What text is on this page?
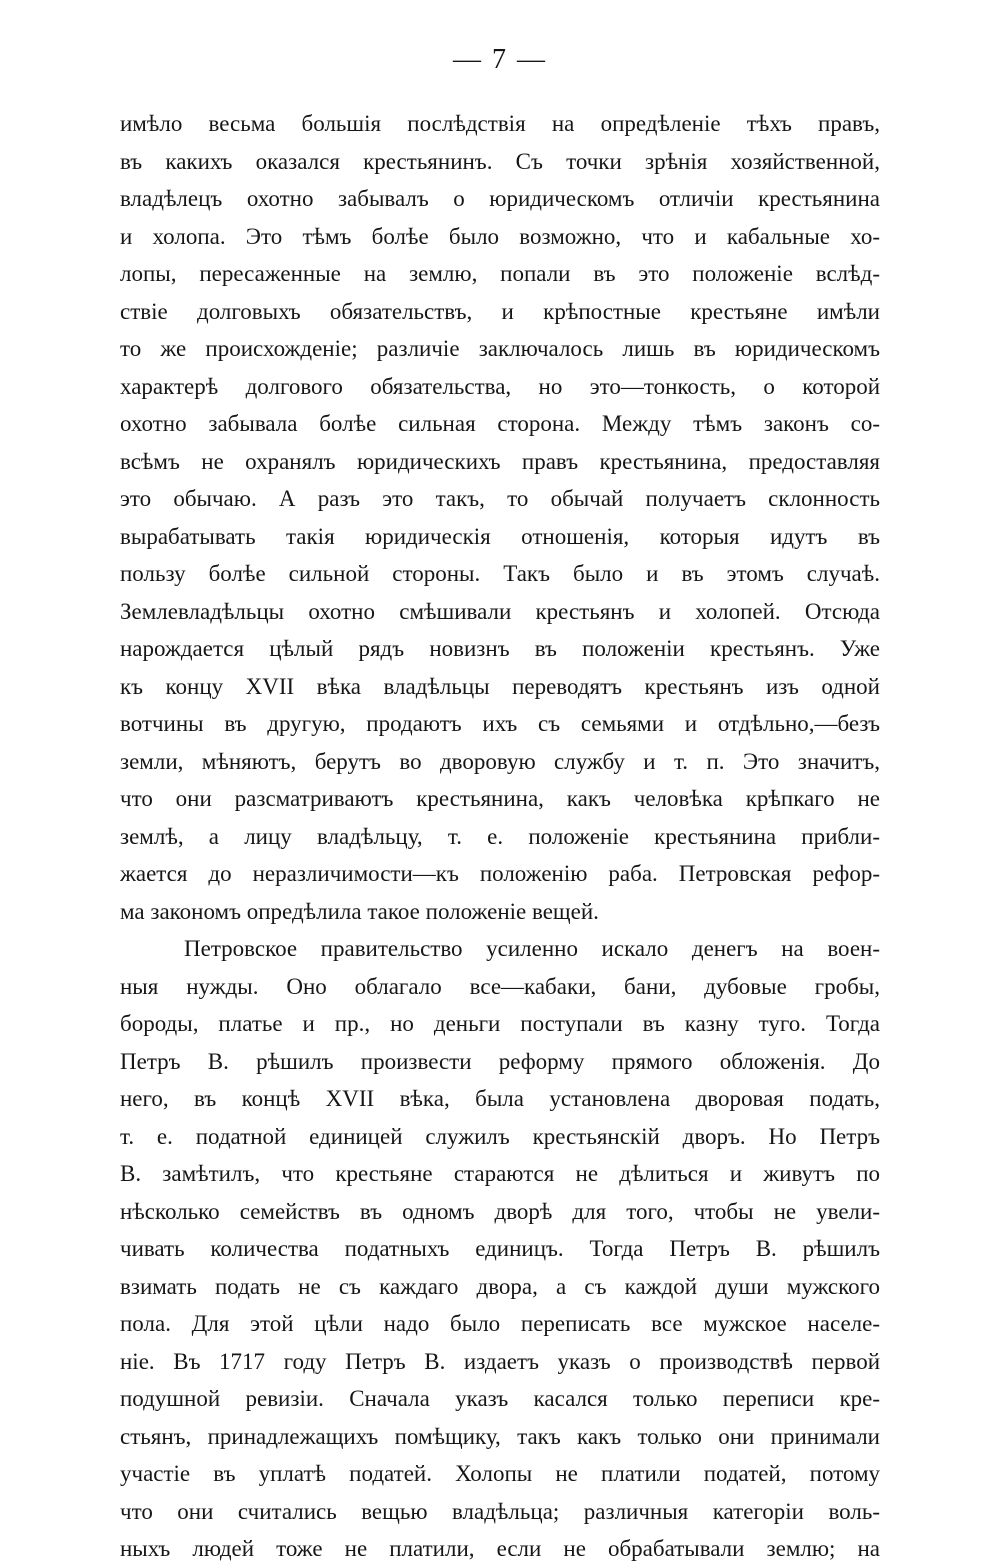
— 7 —
имѣло весьма большія послѣдствія на опредѣленіе тѣхъ правъ,
въ какихъ оказался крестьянинъ. Съ точки зрѣнія хозяйственной,
владѣлецъ охотно забывалъ о юридическомъ отличіи крестьянина
и холопа. Это тѣмъ болѣе было возможно, что и кабальные хо-
лопы, пересаженные на землю, попали въ это положеніе вслѣд-
ствіе долговыхъ обязательствъ, и крѣпостные крестьяне имѣли
то же происхожденіе; различіе заключалось лишь въ юридическомъ
характерѣ долгового обязательства, но это—тонкость, о которой
охотно забывала болѣе сильная сторона. Между тѣмъ законъ со-
всѣмъ не охранялъ юридическихъ правъ крестьянина, предоставляя
это обычаю. А разъ это такъ, то обычай получаетъ склонность
вырабатывать такія юридическія отношенія, которыя идутъ въ
пользу болѣе сильной стороны. Такъ было и въ этомъ случаѣ.
Землевладѣльцы охотно смѣшивали крестьянъ и холопей. Отсюда
нарождается цѣлый рядъ новизнъ въ положеніи крестьянъ. Уже
къ концу XVII вѣка владѣльцы переводятъ крестьянъ изъ одной
вотчины въ другую, продаютъ ихъ съ семьями и отдѣльно,—безъ
земли, мѣняютъ, берутъ во дворовую службу и т. п. Это значитъ,
что они разсматриваютъ крестьянина, какъ человѣка крѣпкаго не
землѣ, а лицу владѣльцу, т. е. положеніе крестьянина прибли-
жается до неразличимости—къ положенію раба. Петровская рефор-
ма закономъ опредѣлила такое положеніе вещей.
Петровское правительство усиленно искало денегъ на воен-
ныя нужды. Оно облагало все—кабаки, бани, дубовые гробы,
бороды, платье и пр., но деньги поступали въ казну туго. Тогда
Петръ В. рѣшилъ произвести реформу прямого обложенія. До
него, въ концѣ XVII вѣка, была установлена дворовая подать,
т. е. податной единицей служилъ крестьянскій дворъ. Но Петръ
В. замѣтилъ, что крестьяне стараются не дѣлиться и живутъ по
нѣсколько семействъ въ одномъ дворѣ для того, чтобы не увели-
чивать количества податныхъ единицъ. Тогда Петръ В. рѣшилъ
взимать подать не съ каждаго двора, а съ каждой души мужского
пола. Для этой цѣли надо было переписать все мужское населе-
ніе. Въ 1717 году Петръ В. издаетъ указъ о производствѣ первой
подушной ревизіи. Сначала указъ касался только переписи кре-
стьянъ, принадлежащихъ помѣщику, такъ какъ только они принимали
участіе въ уплатѣ податей. Холопы не платили податей, потому
что они считались вещью владѣльца; различныя категоріи воль-
ныхъ людей тоже не платили, если не обрабатывали землю; на
